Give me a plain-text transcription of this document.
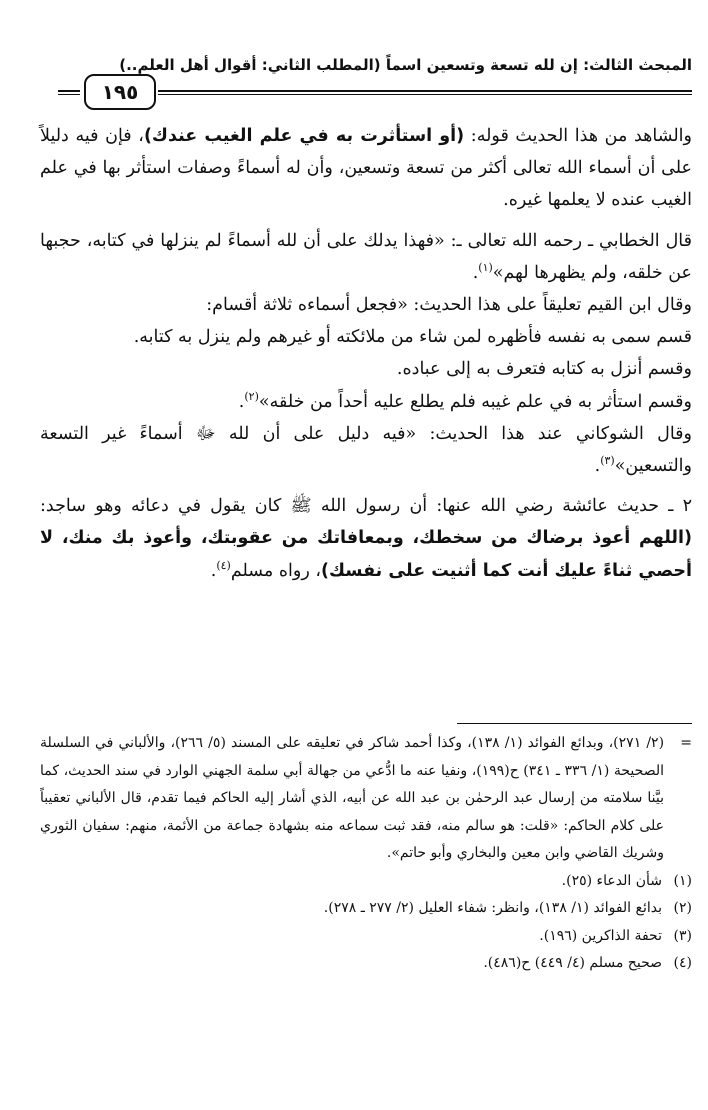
المبحث الثالث: إن لله تسعة وتسعين اسماً (المطلب الثاني: أقوال أهل العلم..)
١٩٥

والشاهد من هذا الحديث قوله: (أو استأثرت به في علم الغيب عندك)، فإن فيه دليلاً على أن أسماء الله تعالى أكثر من تسعة وتسعين، وأن له أسماءً وصفات استأثر بها في علم الغيب عنده لا يعلمها غيره.

قال الخطابي ـ رحمه الله تعالى ـ: «فهذا يدلك على أن لله أسماءً لم ينزلها في كتابه، حجبها عن خلقه، ولم يظهرها لهم»$^{(١)}$.

وقال ابن القيم تعليقاً على هذا الحديث: «فجعل أسماءه ثلاثة أقسام:

قسم سمى به نفسه فأظهره لمن شاء من ملائكته أو غيرهم ولم ينزل به كتابه.

وقسم أنزل به كتابه فتعرف به إلى عباده.

وقسم استأثر به في علم غيبه فلم يطلع عليه أحداً من خلقه»$^{(٢)}$.

وقال الشوكاني عند هذا الحديث: «فيه دليل على أن لله ﷻ أسماءً غير التسعة والتسعين»$^{(٣)}$.

٢ ـ حديث عائشة رضي الله عنها: أن رسول الله ﷺ كان يقول في دعائه وهو ساجد: (اللهم أعوذ برضاك من سخطك، وبمعافاتك من عقوبتك، وأعوذ بك منك، لا أحصي ثناءً عليك أنت كما أثنيت على نفسك)، رواه مسلم$^{(٤)}$.

=
(٢/ ٢٧١)، وبدائع الفوائد (١/ ١٣٨)، وكذا أحمد شاكر في تعليقه على المسند (٥/ ٢٦٦)، والألباني في السلسلة الصحيحة (١/ ٣٣٦ ـ ٣٤١) ح(١٩٩)، ونفيا عنه ما ادُّعي من جهالة أبي سلمة الجهني الوارد في سند الحديث، كما بيَّنا سلامته من إرسال عبد الرحمٰن بن عبد الله عن أبيه، الذي أشار إليه الحاكم فيما تقدم، قال الألباني تعقيباً على كلام الحاكم: «قلت: هو سالم منه، فقد ثبت سماعه منه بشهادة جماعة من الأئمة، منهم: سفيان الثوري وشريك القاضي وابن معين والبخاري وأبو حاتم».

(١)
شأن الدعاء (٢٥).
(٢)
بدائع الفوائد (١/ ١٣٨)، وانظر: شفاء العليل (٢/ ٢٧٧ ـ ٢٧٨).
(٣)
تحفة الذاكرين (١٩٦).
(٤)
صحيح مسلم (٤/ ٤٤٩) ح(٤٨٦).
